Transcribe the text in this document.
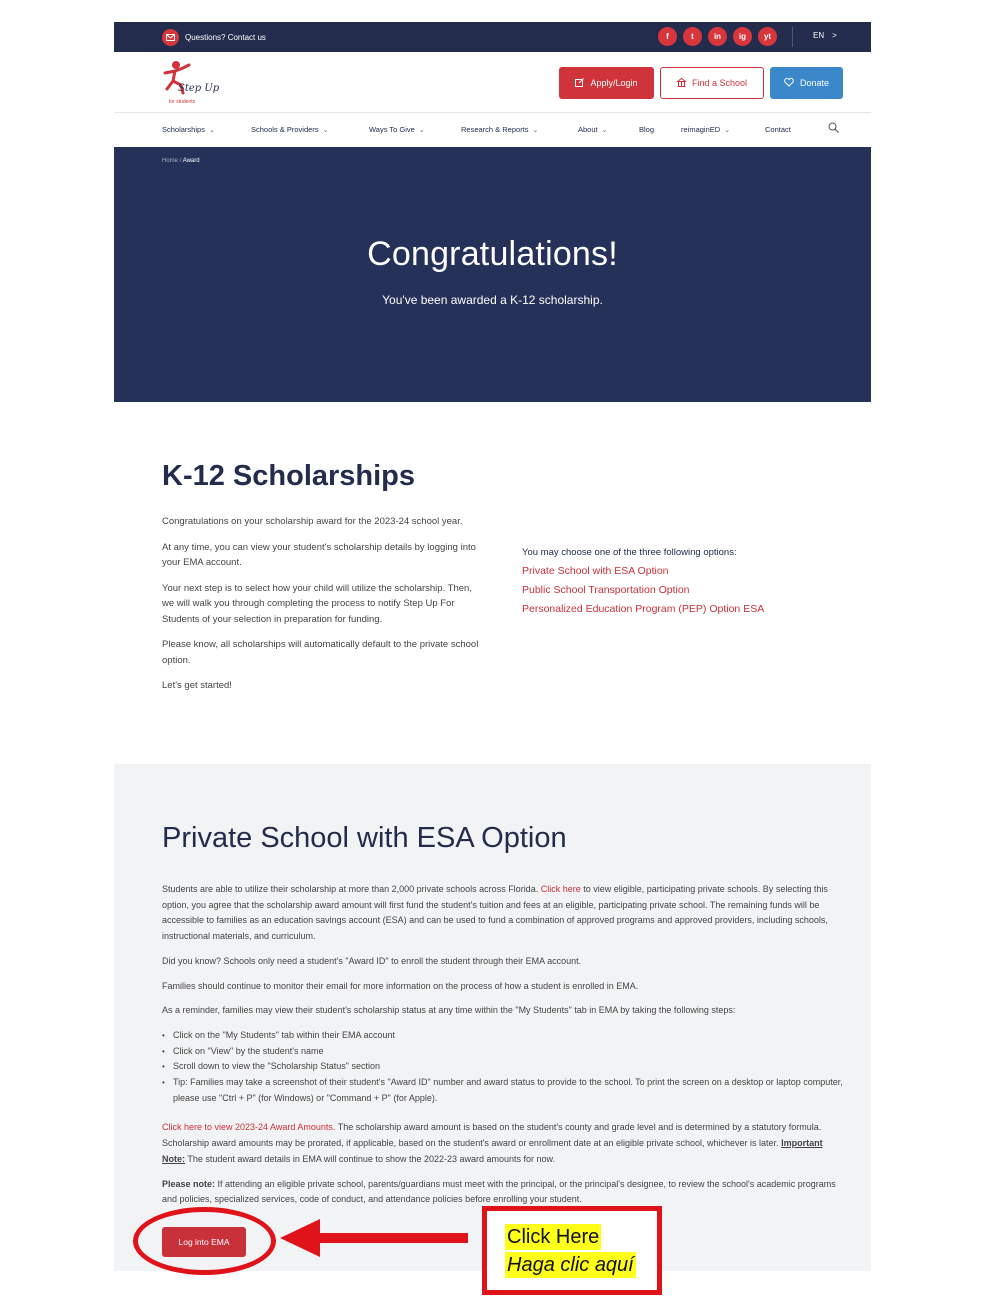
Questions? Contact us	f	t	in	ig	yt	EN >
Step Up
for students
Apply/Login	Find a School	Donate
Scholarships ⌄	Schools & Providers ⌄	Ways To Give ⌄	Research & Reports ⌄	About ⌄	Blog	reimaginED ⌄	Contact
Home / Award
Congratulations!
You've been awarded a K-12 scholarship.
K-12 Scholarships

Congratulations on your scholarship award for the 2023-24 school year.

At any time, you can view your student's scholarship details by logging into your EMA account.

Your next step is to select how your child will utilize the scholarship. Then, we will walk you through completing the process to notify Step Up For Students of your selection in preparation for funding.

Please know, all scholarships will automatically default to the private school option.

Let's get started!

You may choose one of the three following options:
Private School with ESA Option
Public School Transportation Option
Personalized Education Program (PEP) Option ESA
Private School with ESA Option

Students are able to utilize their scholarship at more than 2,000 private schools across Florida. Click here to view eligible, participating private schools. By selecting this option, you agree that the scholarship award amount will first fund the student's tuition and fees at an eligible, participating private school. The remaining funds will be accessible to families as an education savings account (ESA) and can be used to fund a combination of approved programs and approved providers, including schools, instructional materials, and curriculum.

Did you know? Schools only need a student's "Award ID" to enroll the student through their EMA account.

Families should continue to monitor their email for more information on the process of how a student is enrolled in EMA.

As a reminder, families may view their student's scholarship status at any time within the "My Students" tab in EMA by taking the following steps:

• Click on the "My Students" tab within their EMA account
• Click on "View" by the student's name
• Scroll down to view the "Scholarship Status" section
• Tip: Families may take a screenshot of their student's "Award ID" number and award status to provide to the school. To print the screen on a desktop or laptop computer, please use "Ctrl + P" (for Windows) or "Command + P" (for Apple).

Click here to view 2023-24 Award Amounts. The scholarship award amount is based on the student's county and grade level and is determined by a statutory formula. Scholarship award amounts may be prorated, if applicable, based on the student's award or enrollment date at an eligible private school, whichever is later. Important Note: The student award details in EMA will continue to show the 2022-23 award amounts for now.

Please note: If attending an eligible private school, parents/guardians must meet with the principal, or the principal's designee, to review the school's academic programs and policies, specialized services, code of conduct, and attendance policies before enrolling your student.

Log into EMA	Click Here
Haga clic aquí
